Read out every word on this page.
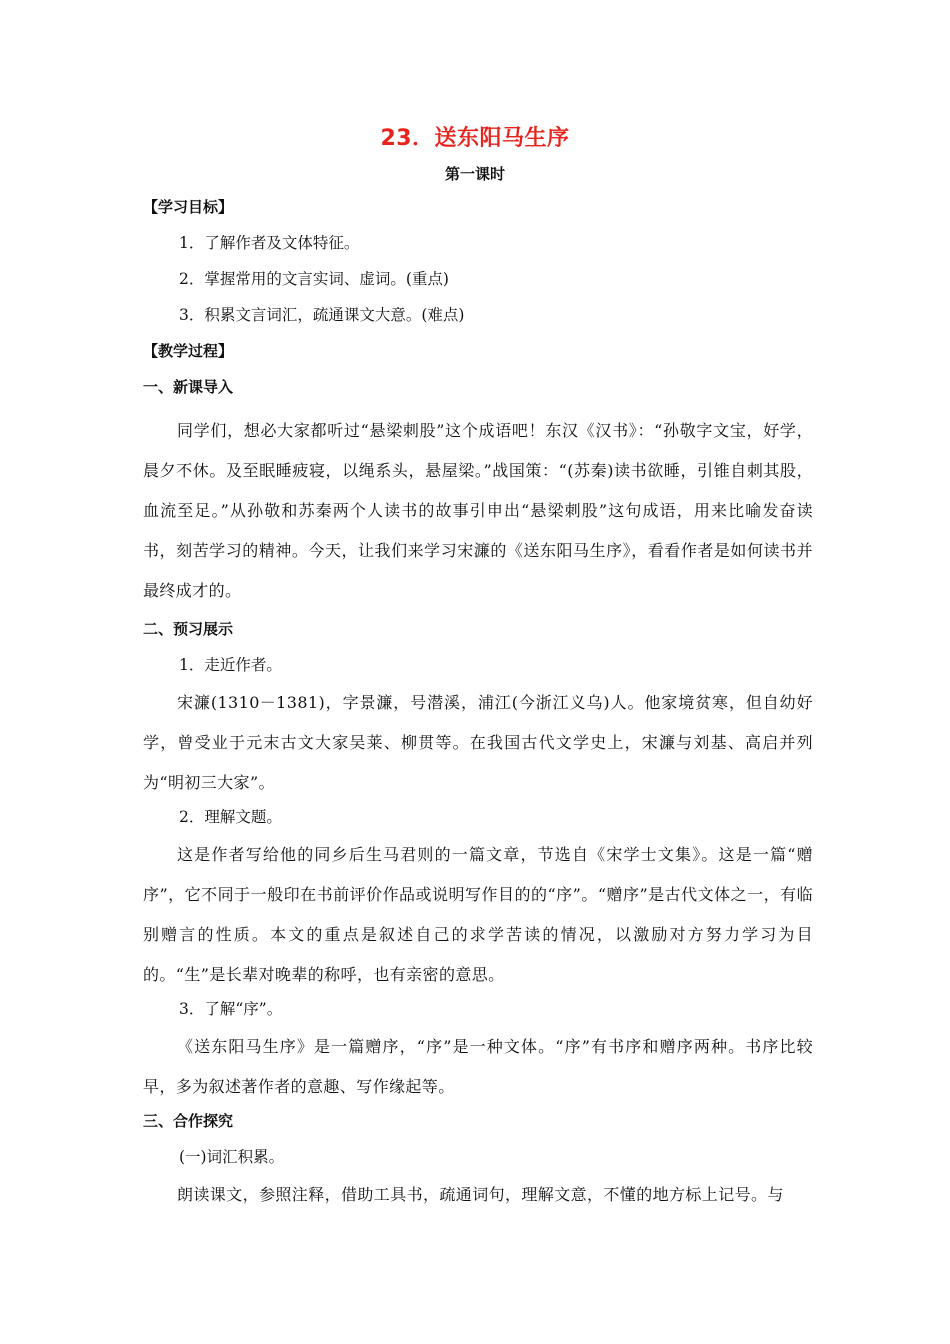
23．送东阳马生序
第一课时
【学习目标】
1．了解作者及文体特征。
2．掌握常用的文言实词、虚词。(重点)
3．积累文言词汇，疏通课文大意。(难点)
【教学过程】
一、新课导入

同学们，想必大家都听过“悬梁刺股”这个成语吧！东汉《汉书》：“孙敬字文宝，好学，晨夕不休。及至眠睡疲寝，以绳系头，悬屋梁。”战国策：“(苏秦)读书欲睡，引锥自刺其股，血流至足。”从孙敬和苏秦两个人读书的故事引申出“悬梁刺股”这句成语，用来比喻发奋读书，刻苦学习的精神。今天，让我们来学习宋濂的《送东阳马生序》，看看作者是如何读书并最终成才的。

二、预习展示
1．走近作者。

宋濂(1310－1381)，字景濂，号潜溪，浦江(今浙江义乌)人。他家境贫寒，但自幼好学，曾受业于元末古文大家吴莱、柳贯等。在我国古代文学史上，宋濂与刘基、高启并列为“明初三大家”。

2．理解文题。

这是作者写给他的同乡后生马君则的一篇文章，节选自《宋学士文集》。这是一篇“赠序”，它不同于一般印在书前评价作品或说明写作目的的“序”。“赠序”是古代文体之一，有临别赠言的性质。本文的重点是叙述自己的求学苦读的情况，以激励对方努力学习为目的。“生”是长辈对晚辈的称呼，也有亲密的意思。

3．了解“序”。

《送东阳马生序》是一篇赠序，“序”是一种文体。“序”有书序和赠序两种。书序比较早，多为叙述著作者的意趣、写作缘起等。

三、合作探究
(一)词汇积累。

朗读课文，参照注释，借助工具书，疏通词句，理解文意，不懂的地方标上记号。与
